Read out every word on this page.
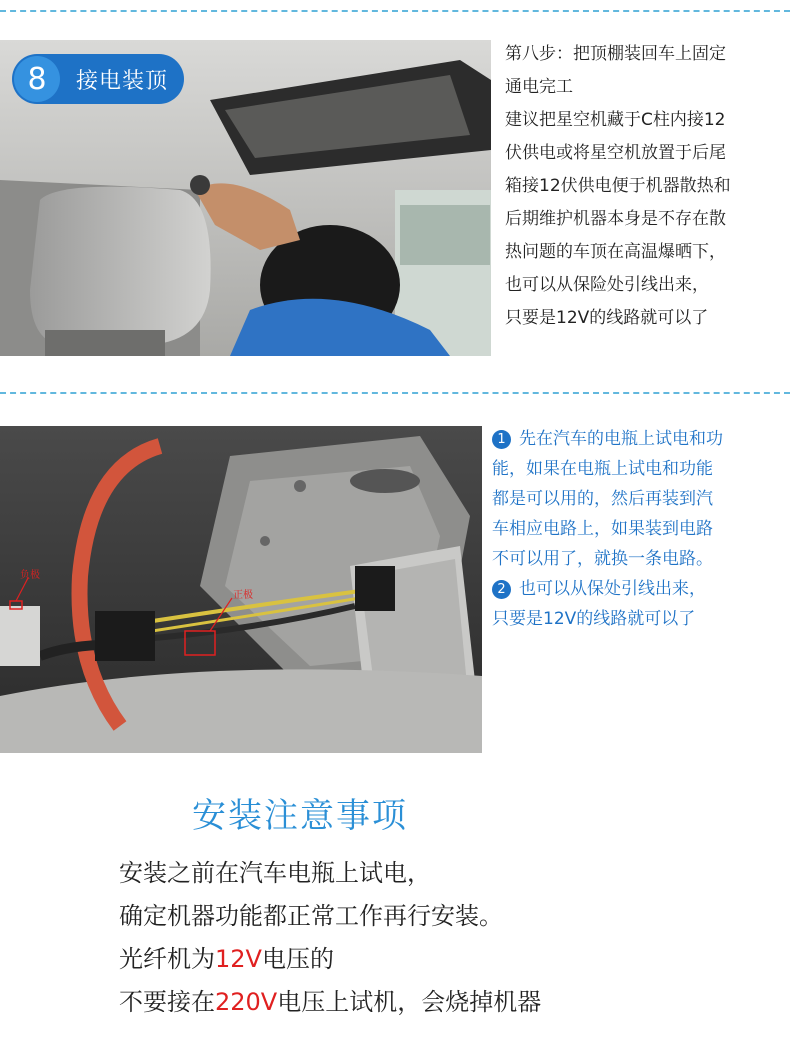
8	接电装顶
第八步：把顶棚装回车上固定
通电完工
建议把星空机藏于C柱内接12
伏供电或将星空机放置于后尾
箱接12伏供电便于机器散热和
后期维护机器本身是不存在散
热问题的车顶在高温爆晒下，
也可以从保险处引线出来，
只要是12V的线路就可以了
负极
正极
1 先在汽车的电瓶上试电和功
能，如果在电瓶上试电和功能
都是可以用的，然后再装到汽
车相应电路上，如果装到电路
不可以用了，就换一条电路。
2 也可以从保处引线出来，
只要是12V的线路就可以了
安装注意事项
安装之前在汽车电瓶上试电，
确定机器功能都正常工作再行安装。
光纤机为12V电压的
不要接在220V电压上试机，会烧掉机器
